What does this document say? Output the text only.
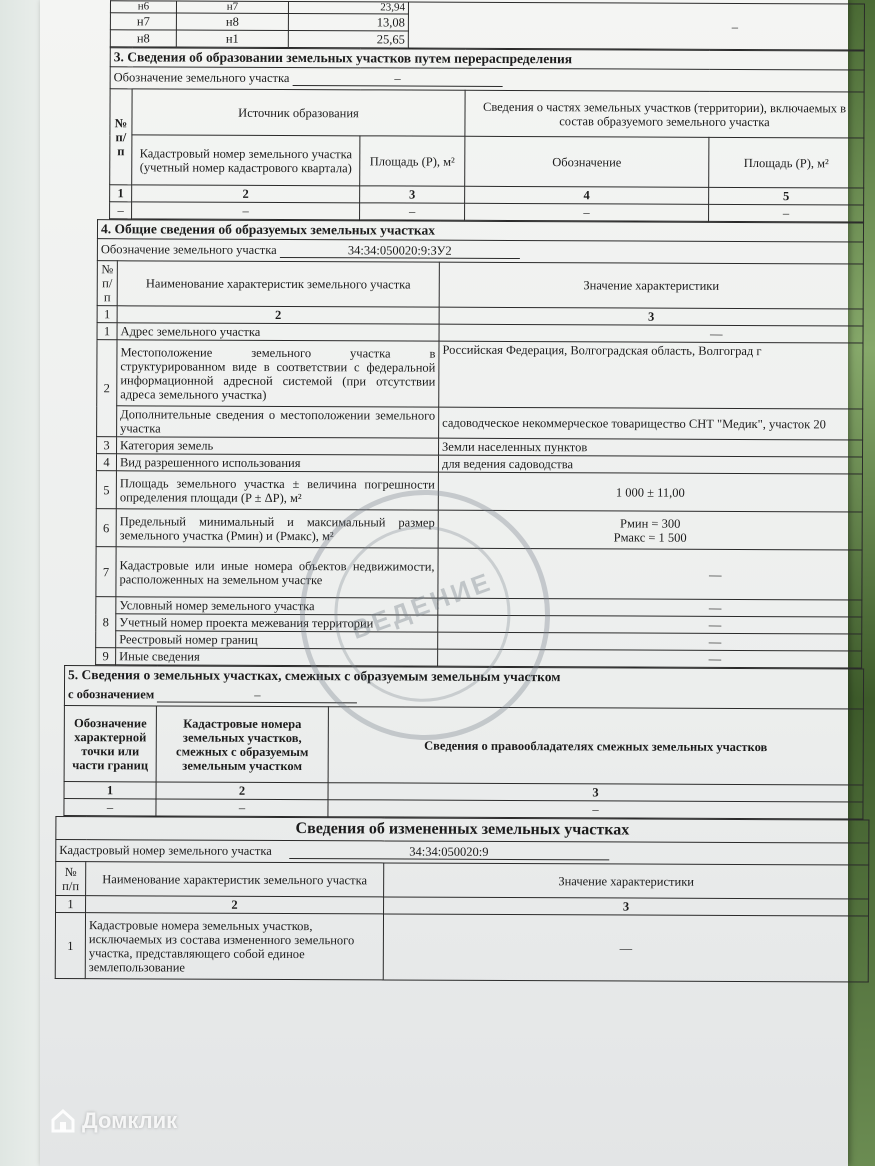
н6	н7	23,94	–
н7	н8	13,08	
н8	н1	25,65	
3. Сведения об образовании земельных участков путем перераспределения				
Обозначение земельного участка –				
№ п/п	Источник образования		Сведения о частях земельных участков (территории), включаемых в состав образуемого земельного участка	
	Кадастровый номер земельного участка (учетный номер кадастрового квартала)	Площадь (P), м²	Обозначение	Площадь (P), м²
1	2	3	4	5
–	–	–	–	–
4. Общие сведения об образуемых земельных участках		
Обозначение земельного участка 34:34:050020:9:ЗУ2		
№ п/п	Наименование характеристик земельного участка	Значение характеристики
1	2	3
1	Адрес земельного участка	—
2	Местоположение земельного участка в структурированном виде в соответствии с федеральной информационной адресной системой (при отсутствии адреса земельного участка)	Российская Федерация, Волгоградская область, Волгоград г
	Дополнительные сведения о местоположении земельного участка	садоводческое некоммерческое товарищество СНТ "Медик", участок 20
3	Категория земель	Земли населенных пунктов
4	Вид разрешенного использования	для ведения садоводства
5	Площадь земельного участка ± величина погрешности определения площади (P ± ΔP), м²	1 000 ± 11,00
6	Предельный минимальный и максимальный размер земельного участка (Pмин) и (Pмакс), м²	Pмин = 300
Pмакс = 1 500

7	Кадастровые или иные номера объектов недвижимости, расположенных на земельном участке	—
8	Условный номер земельного участка	—
	Учетный номер проекта межевания территории	—
	Реестровый номер границ	—
9	Иные сведения	—
5. Сведения о земельных участках, смежных с образуемым земельным участком		
с обозначением –		
Обозначение характерной точки или части границ	Кадастровые номера земельных участков, смежных с образуемым земельным участком	Сведения о правообладателях смежных земельных участков
1	2	3
–	–	–
Сведения об измененных земельных участках		
Кадастровый номер земельного участка 34:34:050020:9		
№ п/п	Наименование характеристик земельного участка	Значение характеристики
1	2	3
1	Кадастровые номера земельных участков, исключаемых из состава измененного земельного участка, представляющего собой единое землепользование	—
ВЕДЕНИЕ
Домклик
